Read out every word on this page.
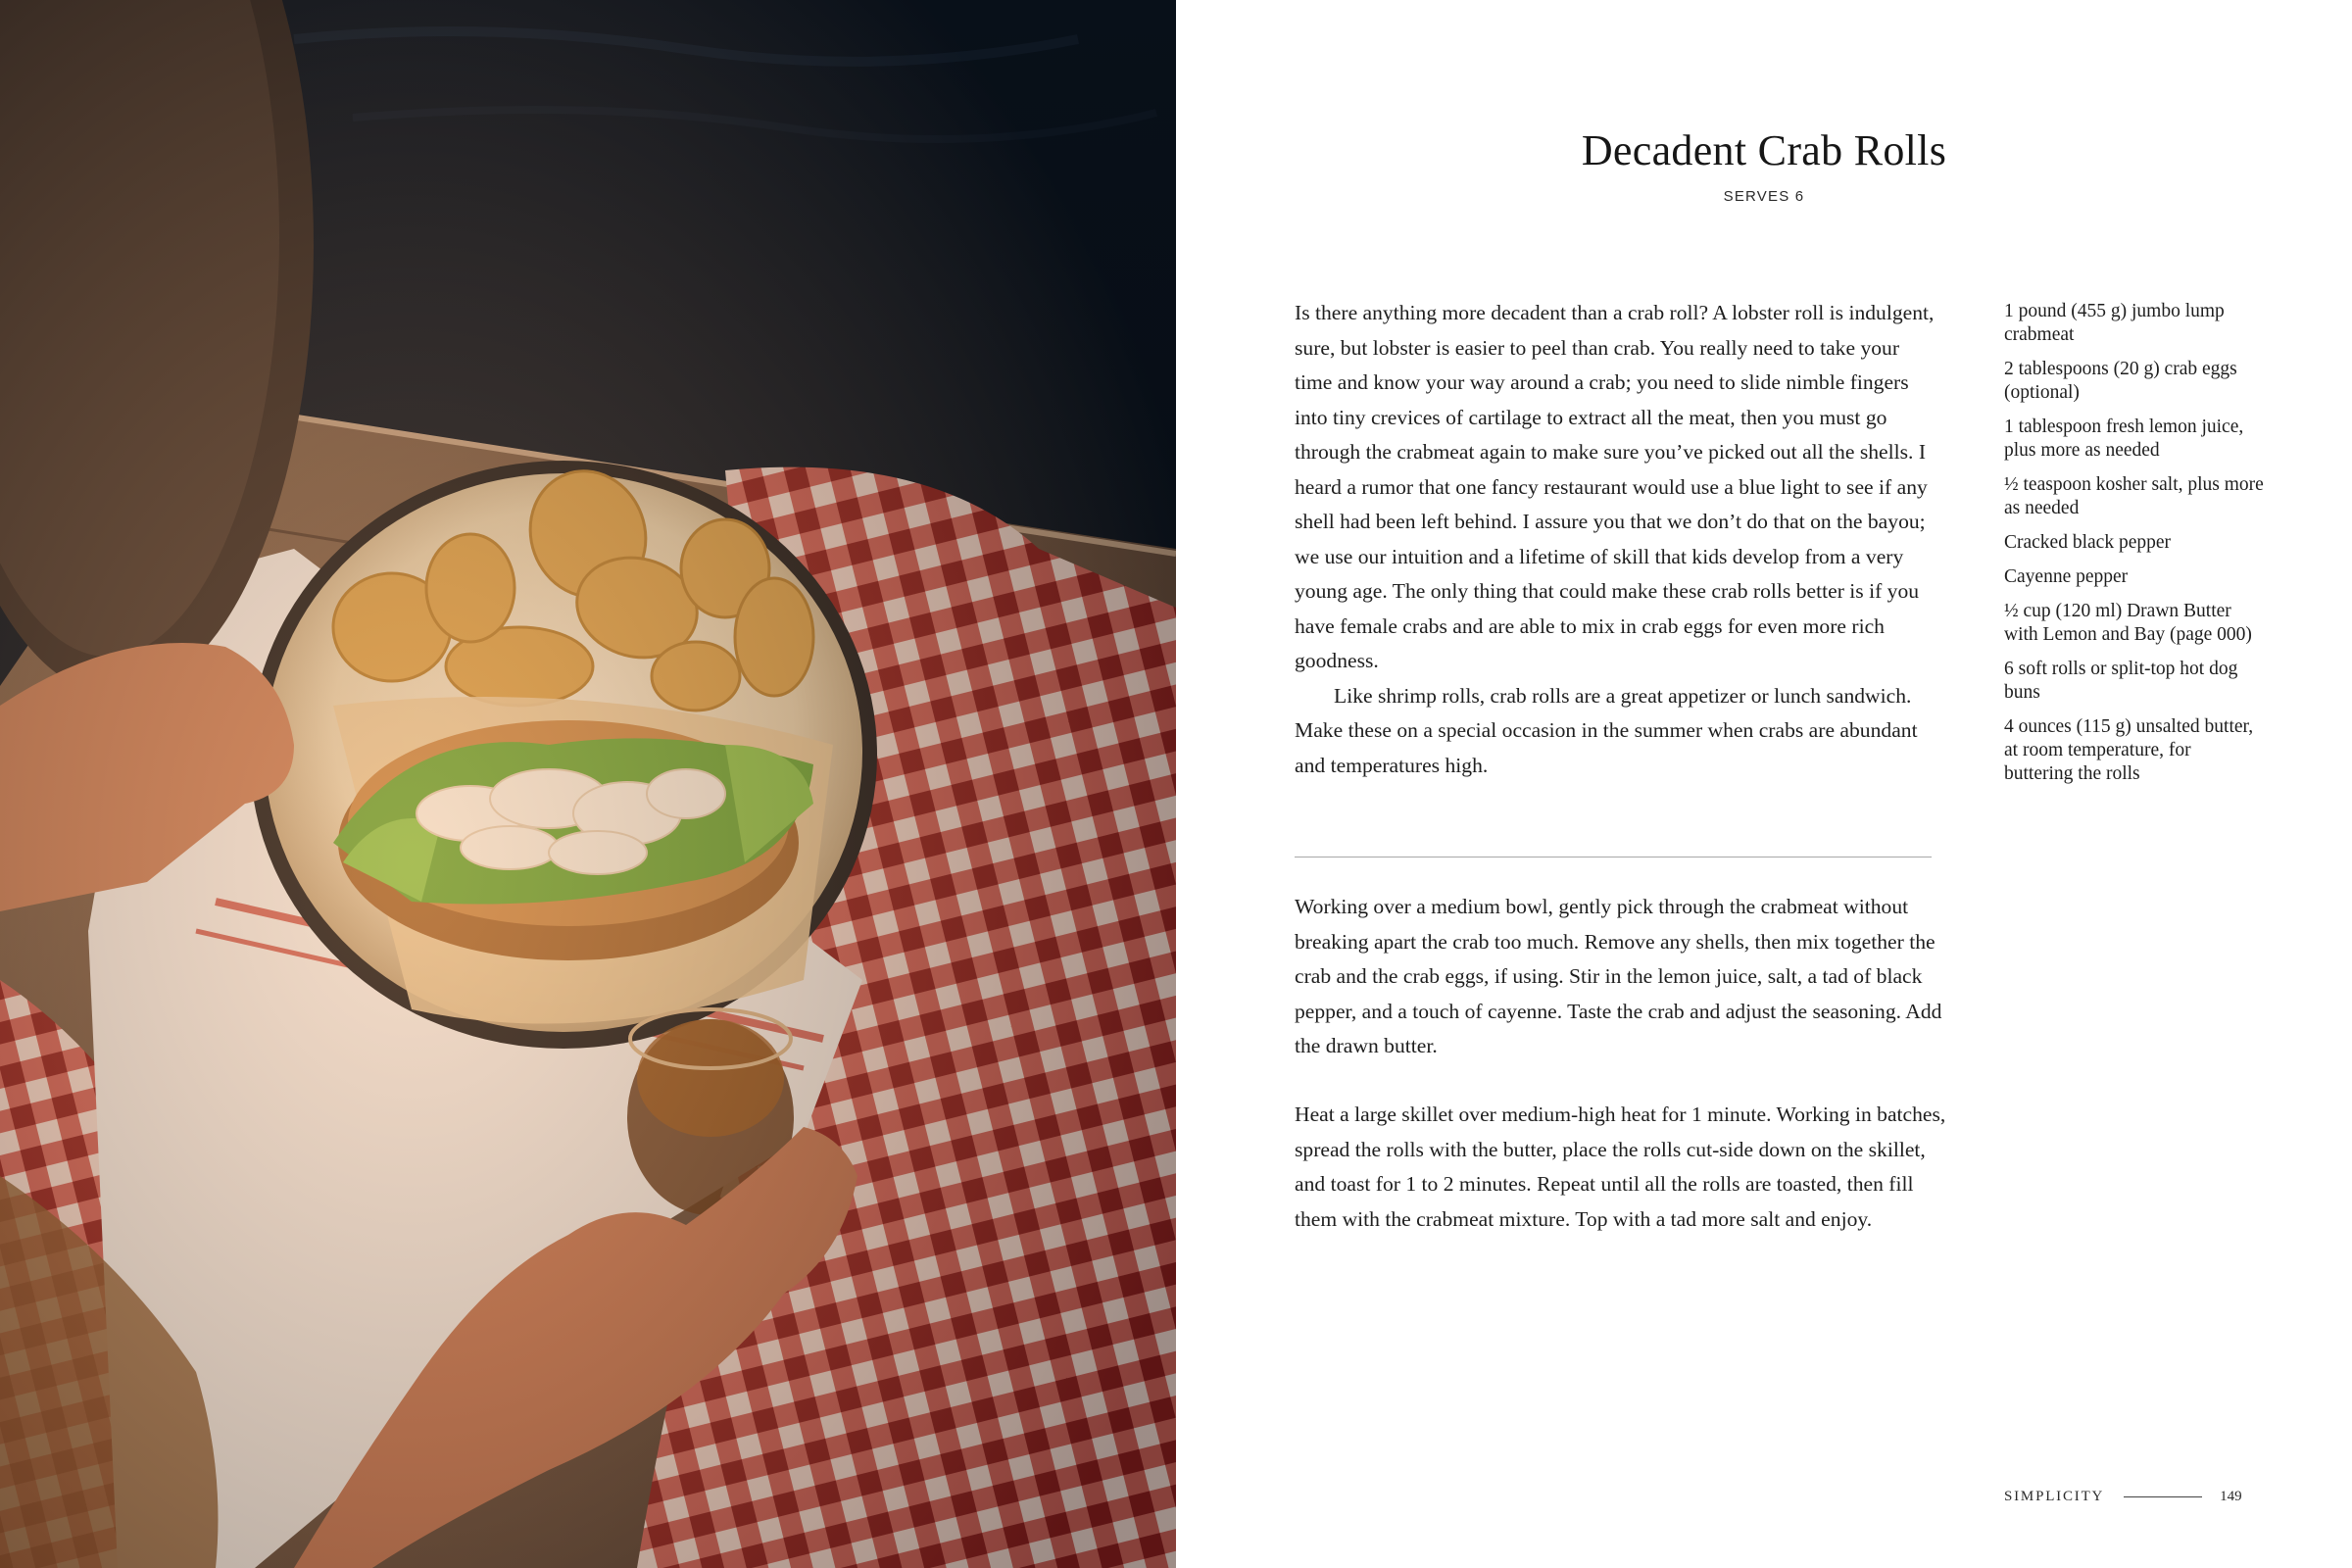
Decadent Crab Rolls
SERVES 6

Is there anything more decadent than a crab roll? A lobster roll is indulgent, sure, but lobster is easier to peel than crab. You really need to take your time and know your way around a crab; you need to slide nimble fingers into tiny crevices of cartilage to extract all the meat, then you must go through the crabmeat again to make sure you’ve picked out all the shells. I heard a rumor that one fancy restaurant would use a blue light to see if any shell had been left behind. I assure you that we don’t do that on the bayou; we use our intuition and a lifetime of skill that kids develop from a very young age. The only thing that could make these crab rolls better is if you have female crabs and are able to mix in crab eggs for even more rich goodness.

Like shrimp rolls, crab rolls are a great appetizer or lunch sandwich. Make these on a special occasion in the summer when crabs are abundant and temperatures high.

1 pound (455 g) jumbo lump crabmeat
2 tablespoons (20 g) crab eggs (optional)
1 tablespoon fresh lemon juice, plus more as needed
½ teaspoon kosher salt, plus more as needed
Cracked black pepper
Cayenne pepper
½ cup (120 ml) Drawn Butter with Lemon and Bay (page 000)
6 soft rolls or split-top hot dog buns
4 ounces (115 g) unsalted butter, at room temperature, for buttering the rolls

Working over a medium bowl, gently pick through the crabmeat without breaking apart the crab too much. Remove any shells, then mix together the crab and the crab eggs, if using. Stir in the lemon juice, salt, a tad of black pepper, and a touch of cayenne. Taste the crab and adjust the seasoning. Add the drawn butter.

Heat a large skillet over medium-high heat for 1 minute. Working in batches, spread the rolls with the butter, place the rolls cut-side down on the skillet, and toast for 1 to 2 minutes. Repeat until all the rolls are toasted, then fill them with the crabmeat mixture. Top with a tad more salt and enjoy.

SIMPLICITY	149
